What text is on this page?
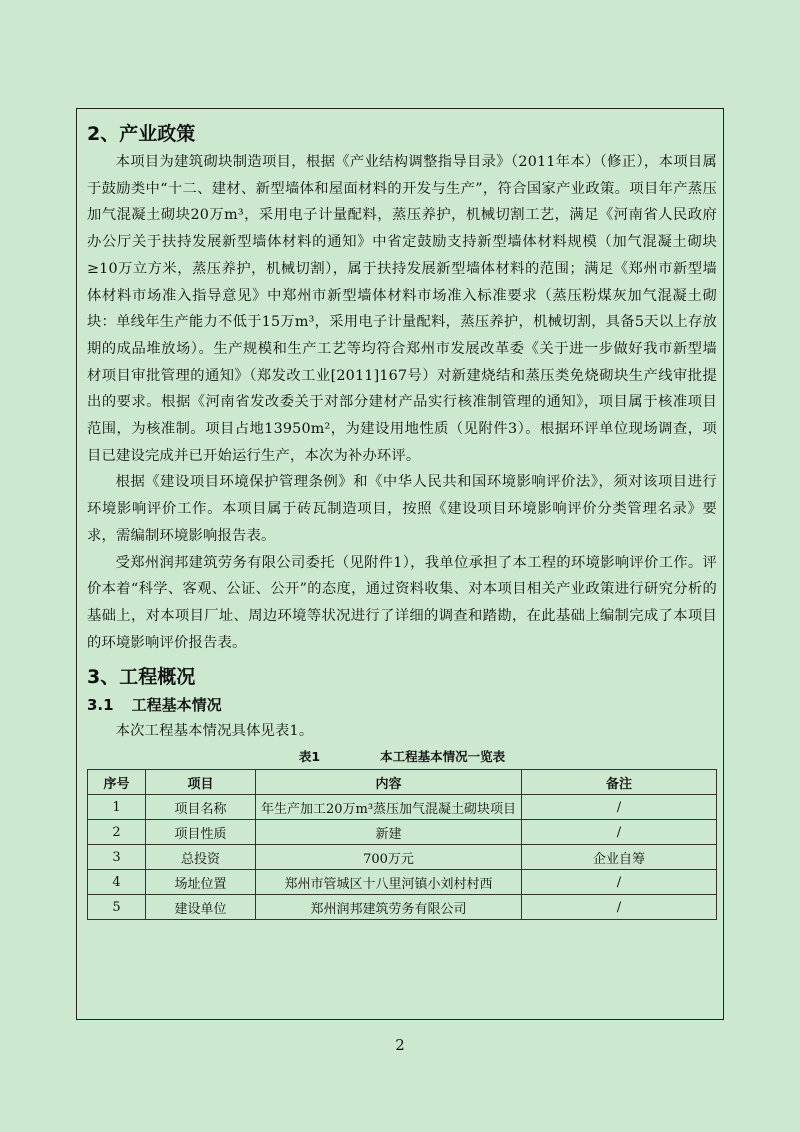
2、产业政策

本项目为建筑砌块制造项目，根据《产业结构调整指导目录》（2011年本）（修正），本项目属于鼓励类中“十二、建材、新型墙体和屋面材料的开发与生产”，符合国家产业政策。项目年产蒸压加气混凝土砌块20万m³，采用电子计量配料，蒸压养护，机械切割工艺，满足《河南省人民政府办公厅关于扶持发展新型墙体材料的通知》中省定鼓励支持新型墙体材料规模（加气混凝土砌块≥10万立方米，蒸压养护，机械切割），属于扶持发展新型墙体材料的范围；满足《郑州市新型墙体材料市场准入指导意见》中郑州市新型墙体材料市场准入标准要求（蒸压粉煤灰加气混凝土砌块：单线年生产能力不低于15万m³，采用电子计量配料，蒸压养护，机械切割，具备5天以上存放期的成品堆放场）。生产规模和生产工艺等均符合郑州市发展改革委《关于进一步做好我市新型墙材项目审批管理的通知》（郑发改工业[2011]167号）对新建烧结和蒸压类免烧砌块生产线审批提出的要求。根据《河南省发改委关于对部分建材产品实行核准制管理的通知》，项目属于核准项目范围，为核准制。项目占地13950m²，为建设用地性质（见附件3）。根据环评单位现场调查，项目已建设完成并已开始运行生产，本次为补办环评。

根据《建设项目环境保护管理条例》和《中华人民共和国环境影响评价法》，须对该项目进行环境影响评价工作。本项目属于砖瓦制造项目，按照《建设项目环境影响评价分类管理名录》要求，需编制环境影响报告表。

受郑州润邦建筑劳务有限公司委托（见附件1），我单位承担了本工程的环境影响评价工作。评价本着“科学、客观、公证、公开”的态度，通过资料收集、对本项目相关产业政策进行研究分析的基础上，对本项目厂址、周边环境等状况进行了详细的调查和踏勘，在此基础上编制完成了本项目的环境影响评价报告表。

3、工程概况
3.1 工程基本情况

本次工程基本情况具体见表1。

表1	本工程基本情况一览表
序号	项目	内容	备注
1	项目名称	年生产加工20万m³蒸压加气混凝土砌块项目	/
2	项目性质	新建	/
3	总投资	700万元	企业自筹
4	场址位置	郑州市管城区十八里河镇小刘村村西	/
5	建设单位	郑州润邦建筑劳务有限公司	/
2
